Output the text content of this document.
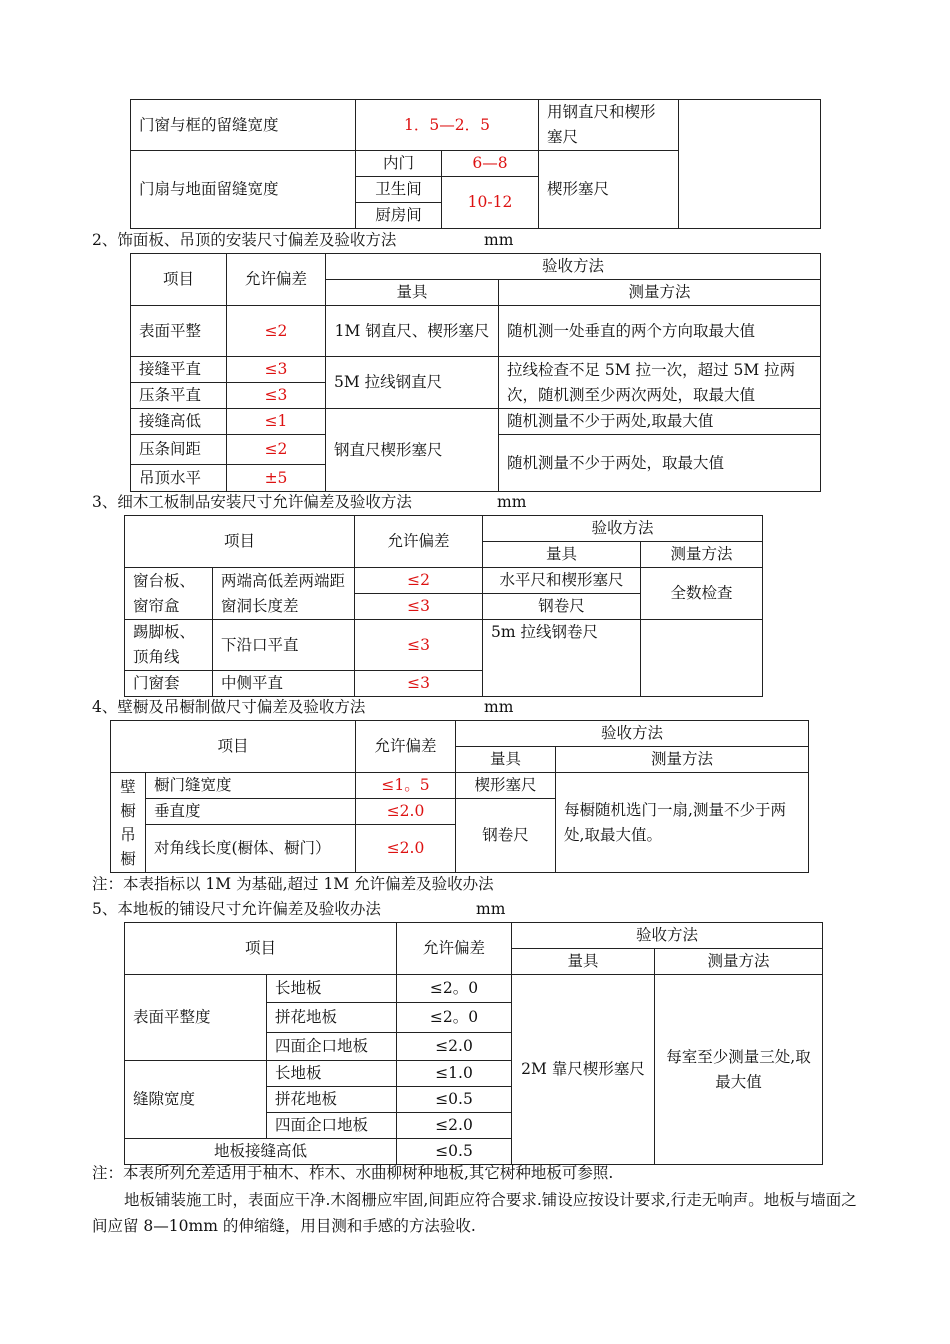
门窗与框的留缝宽度	1．5—2．5		用钢直尺和楔形塞尺	
门扇与地面留缝宽度	内门	6—8	楔形塞尺	
	卫生间	10-12		
	厨房间			
2、饰面板、吊顶的安装尺寸偏差及验收方法	mm
项目	允许偏差	验收方法	
		量具	测量方法
表面平整	≤2	1M 钢直尺、楔形塞尺	随机测一处垂直的两个方向取最大值
接缝平直	≤3	5M 拉线钢直尺	拉线检查不足 5M 拉一次，超过 5M 拉两次，随机测至少两次两处，取最大值
压条平直	≤3		
接缝高低	≤1	钢直尺楔形塞尺	随机测量不少于两处,取最大值
压条间距	≤2		随机测量不少于两处，取最大值
吊顶水平	±5		
3、细木工板制品安装尺寸允许偏差及验收方法	mm
项目		允许偏差	验收方法	
			量具	测量方法
窗台板、窗帘盒	两端高低差两端距窗洞长度差	≤2	水平尺和楔形塞尺	全数检查
		≤3	钢卷尺	
踢脚板、顶角线	下沿口平直	≤3	5m 拉线钢卷尺	
门窗套	中侧平直	≤3		
4、壁橱及吊橱制做尺寸偏差及验收方法	mm
项目		允许偏差	验收方法	
			量具	测量方法
壁橱吊橱	橱门缝宽度	≤1。5	楔形塞尺	每橱随机选门一扇,测量不少于两处,取最大值。
	垂直度	≤2.0	钢卷尺	
	对角线长度(橱体、橱门）	≤2.0		
注：本表指标以 1M 为基础,超过 1M 允许偏差及验收办法
5、本地板的铺设尺寸允许偏差及验收办法	mm
项目		允许偏差	验收方法	
			量具	测量方法
表面平整度	长地板	≤2。0	2M 靠尺楔形塞尺	每室至少测量三处,取最大值
	拼花地板	≤2。0		
	四面企口地板	≤2.0		
缝隙宽度	长地板	≤1.0		
	拼花地板	≤0.5		
	四面企口地板	≤2.0		
地板接缝高低		≤0.5		
注：本表所列允差适用于柚木、柞木、水曲柳树种地板,其它树种地板可参照.
地板铺装施工时，表面应干净.木阁栅应牢固,间距应符合要求.铺设应按设计要求,行走无响声。地板与墙面之间应留 8—10mm 的伸缩缝，用目测和手感的方法验收.
